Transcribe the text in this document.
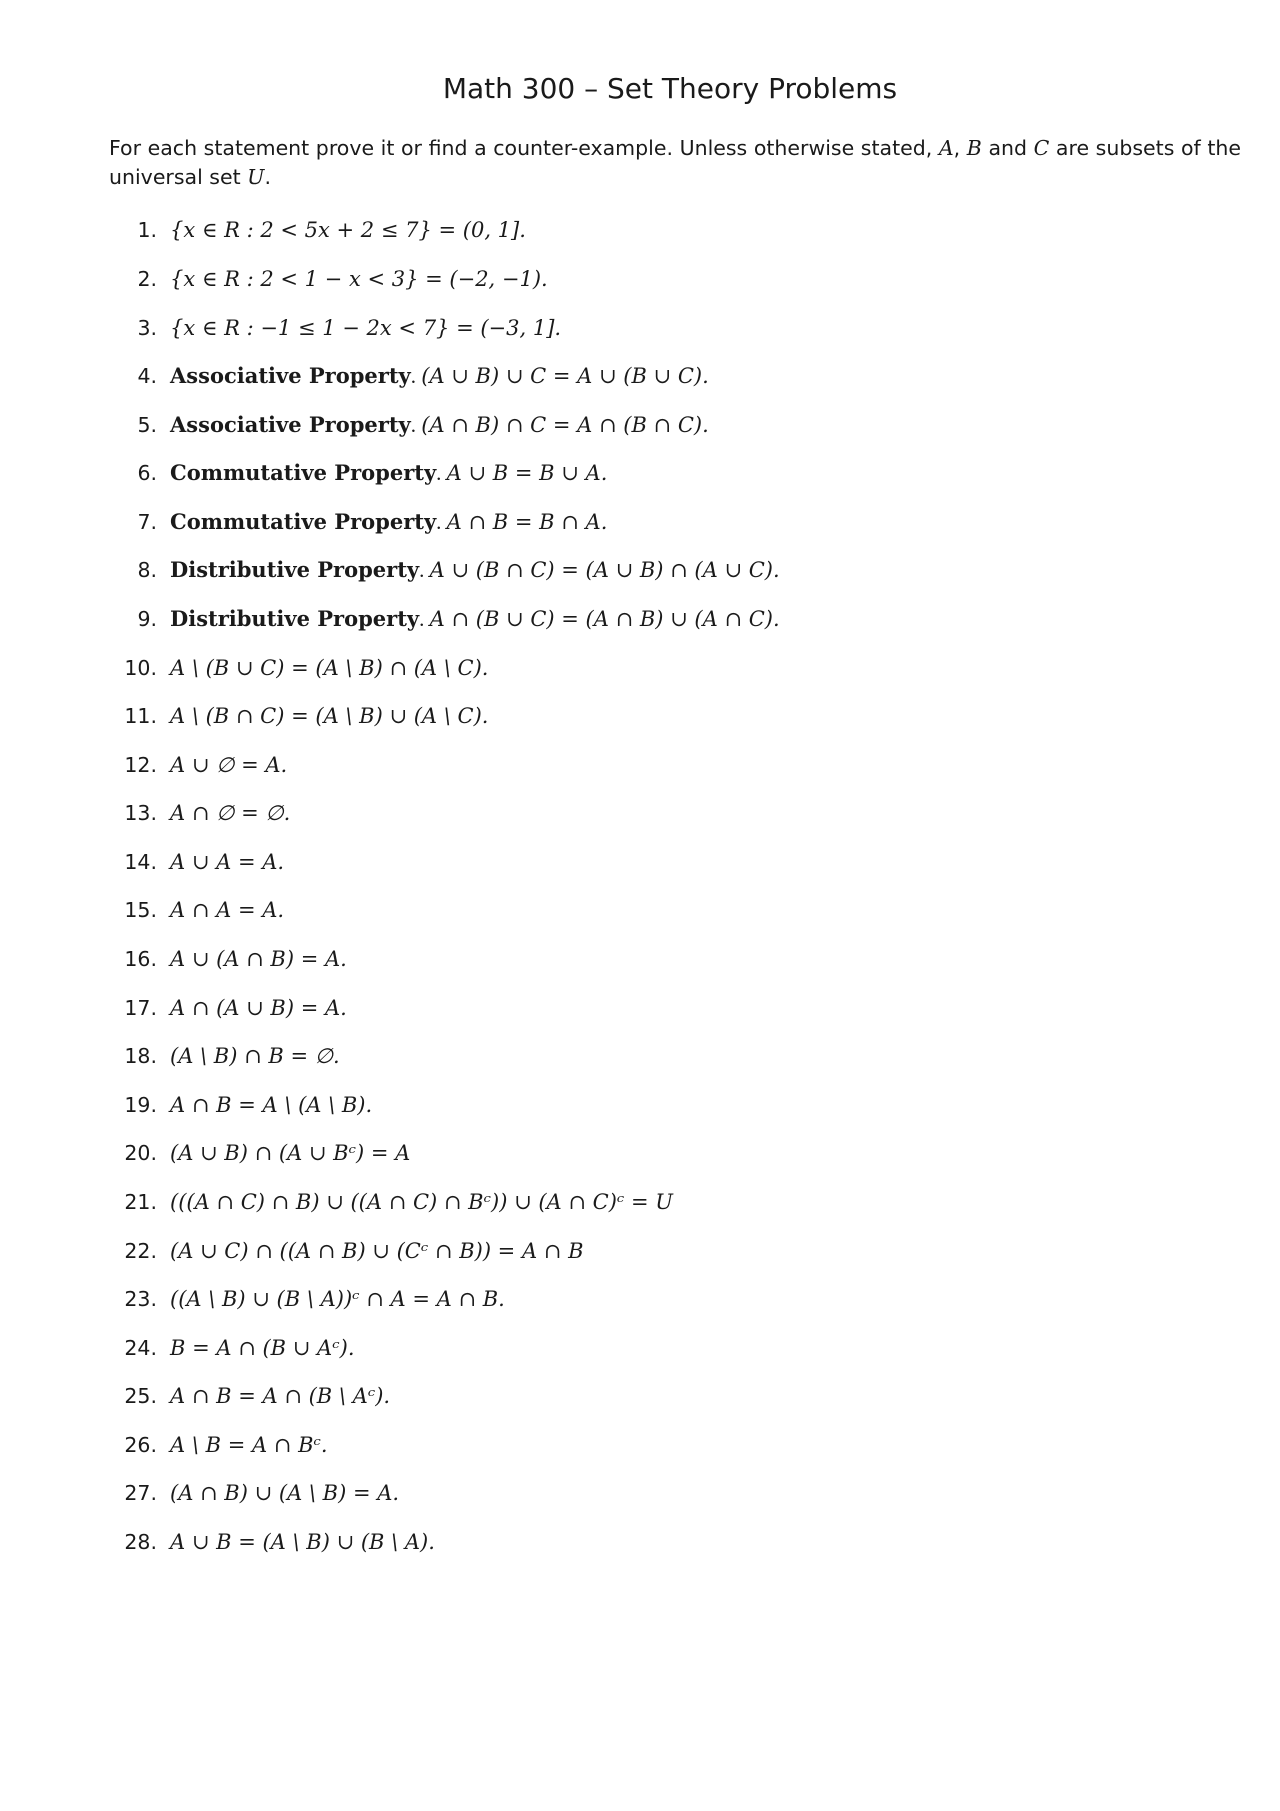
Math 300 – Set Theory Problems

For each statement prove it or find a counter-example. Unless otherwise stated, A, B and C are subsets of the universal set U.

1. {x ∈ R : 2 < 5x + 2 ≤ 7} = (0, 1].
2. {x ∈ R : 2 < 1 − x < 3} = (−2, −1).
3. {x ∈ R : −1 ≤ 1 − 2x < 7} = (−3, 1].
4. Associative Property. (A ∪ B) ∪ C = A ∪ (B ∪ C).
5. Associative Property. (A ∩ B) ∩ C = A ∩ (B ∩ C).
6. Commutative Property. A ∪ B = B ∪ A.
7. Commutative Property. A ∩ B = B ∩ A.
8. Distributive Property. A ∪ (B ∩ C) = (A ∪ B) ∩ (A ∪ C).
9. Distributive Property. A ∩ (B ∪ C) = (A ∩ B) ∪ (A ∩ C).
10. A \ (B ∪ C) = (A \ B) ∩ (A \ C).
11. A \ (B ∩ C) = (A \ B) ∪ (A \ C).
12. A ∪ ∅ = A.
13. A ∩ ∅ = ∅.
14. A ∪ A = A.
15. A ∩ A = A.
16. A ∪ (A ∩ B) = A.
17. A ∩ (A ∪ B) = A.
18. (A \ B) ∩ B = ∅.
19. A ∩ B = A \ (A \ B).
20. (A ∪ B) ∩ (A ∪ Bᶜ) = A
21. (((A ∩ C) ∩ B) ∪ ((A ∩ C) ∩ Bᶜ)) ∪ (A ∩ C)ᶜ = U
22. (A ∪ C) ∩ ((A ∩ B) ∪ (Cᶜ ∩ B)) = A ∩ B
23. ((A \ B) ∪ (B \ A))ᶜ ∩ A = A ∩ B.
24. B = A ∩ (B ∪ Aᶜ).
25. A ∩ B = A ∩ (B \ Aᶜ).
26. A \ B = A ∩ Bᶜ.
27. (A ∩ B) ∪ (A \ B) = A.
28. A ∪ B = (A \ B) ∪ (B \ A).
